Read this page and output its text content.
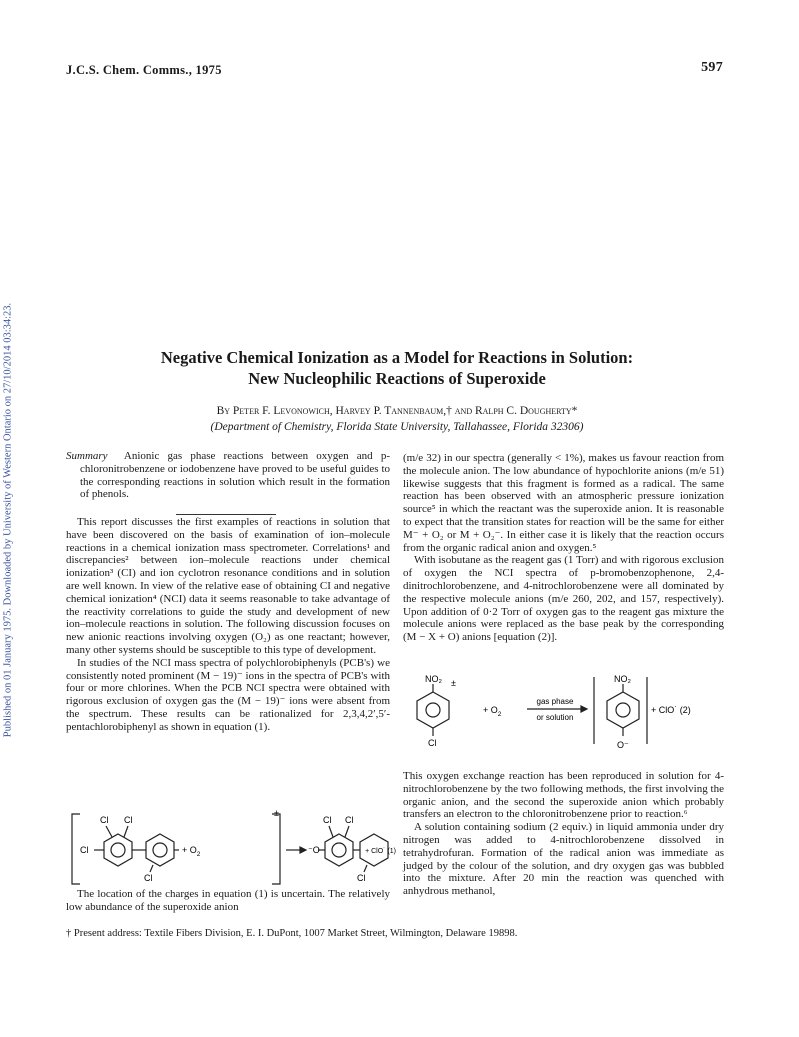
J.C.S. Chem. Comms., 1975	597
Published on 01 January 1975. Downloaded by University of Western Ontario on 27/10/2014 03:34:23.	Negative Chemical Ionization as a Model for Reactions in Solution:
New Nucleophilic Reactions of Superoxide
By Peter F. Levonowich, Harvey P. Tannenbaum,† and Ralph C. Dougherty*
(Department of Chemistry, Florida State University, Tallahassee, Florida 32306)
Summary Anionic gas phase reactions between oxygen and p-chloronitrobenzene or iodobenzene have proved to be useful guides to the corresponding reactions in solution which result in the formation of phenols.

This report discusses the first examples of reactions in solution that have been discovered on the basis of examination of ion–molecule reactions in a chemical ionization mass spectrometer. Correlations¹ and discrepancies² between ion–molecule reactions under chemical ionization³ (CI) and ion cyclotron resonance conditions and in solution are well known. In view of the relative ease of obtaining CI and negative chemical ionization⁴ (NCI) data it seems reasonable to take advantage of the reactivity correlations to guide the study and development of new ion–molecule reactions in solution. The following discussion focuses on new anionic reactions involving oxygen (O₂) as one reactant; however, many other systems should be susceptible to this type of development.

In studies of the NCI mass spectra of polychlorobiphenyls (PCB's) we consistently noted prominent (M − 19)⁻ ions in the spectra of PCB's with four or more chlorines. When the PCB NCI spectra were obtained with rigorous exclusion of oxygen gas the (M − 19)⁻ ions were absent from the spectrum. These results can be rationalized for 2,3,4,2′,5′-pentachlorobiphenyl as shown in equation (1).

Cl Cl
Cl
Cl
+ $O_2$
±
⁻O
Cl Cl
Cl
+ ClO˙ (1)

The location of the charges in equation (1) is uncertain. The relatively low abundance of the superoxide anion

(m/e 32) in our spectra (generally < 1%), makes us favour reaction from the molecule anion. The low abundance of hypochlorite anions (m/e 51) likewise suggests that this fragment is formed as a radical. The same reaction has been observed with an atmospheric pressure ionization source⁵ in which the reactant was the superoxide anion. It is reasonable to expect that the transition states for reaction will be the same for either M⁻ + O₂ or M + O₂⁻. In either case it is likely that the reaction occurs from the organic radical anion and oxygen.⁵

With isobutane as the reagent gas (1 Torr) and with rigorous exclusion of oxygen the NCI spectra of p-bromobenzophenone, 2,4-dinitrochlorobenzene, and 4-nitrochlorobenzene were all dominated by the respective molecule anions (m/e 260, 202, and 157, respectively). Upon addition of 0·2 Torr of oxygen gas to the reagent gas mixture the molecule anions were replaced as the base peak by the corresponding (M − X + O) anions [equation (2)].

NO₂ ±
Cl
+ $O_2$
gas phase
or solution
NO₂
O⁻
+ ClO˙ (2)

This oxygen exchange reaction has been reproduced in solution for 4-nitrochlorobenzene by the two following methods, the first involving the organic anion, and the second the superoxide anion which probably transfers an electron to the chloronitrobenzene prior to reaction.⁶

A solution containing sodium (2 equiv.) in liquid ammonia under dry nitrogen was added to 4-nitrochlorobenzene dissolved in tetrahydrofuran. Formation of the radical anion was immediate as judged by the colour of the solution, and dry oxygen gas was bubbled into the mixture. After 20 min the reaction was quenched with anhydrous methanol,

† Present address: Textile Fibers Division, E. I. DuPont, 1007 Market Street, Wilmington, Delaware 19898.
